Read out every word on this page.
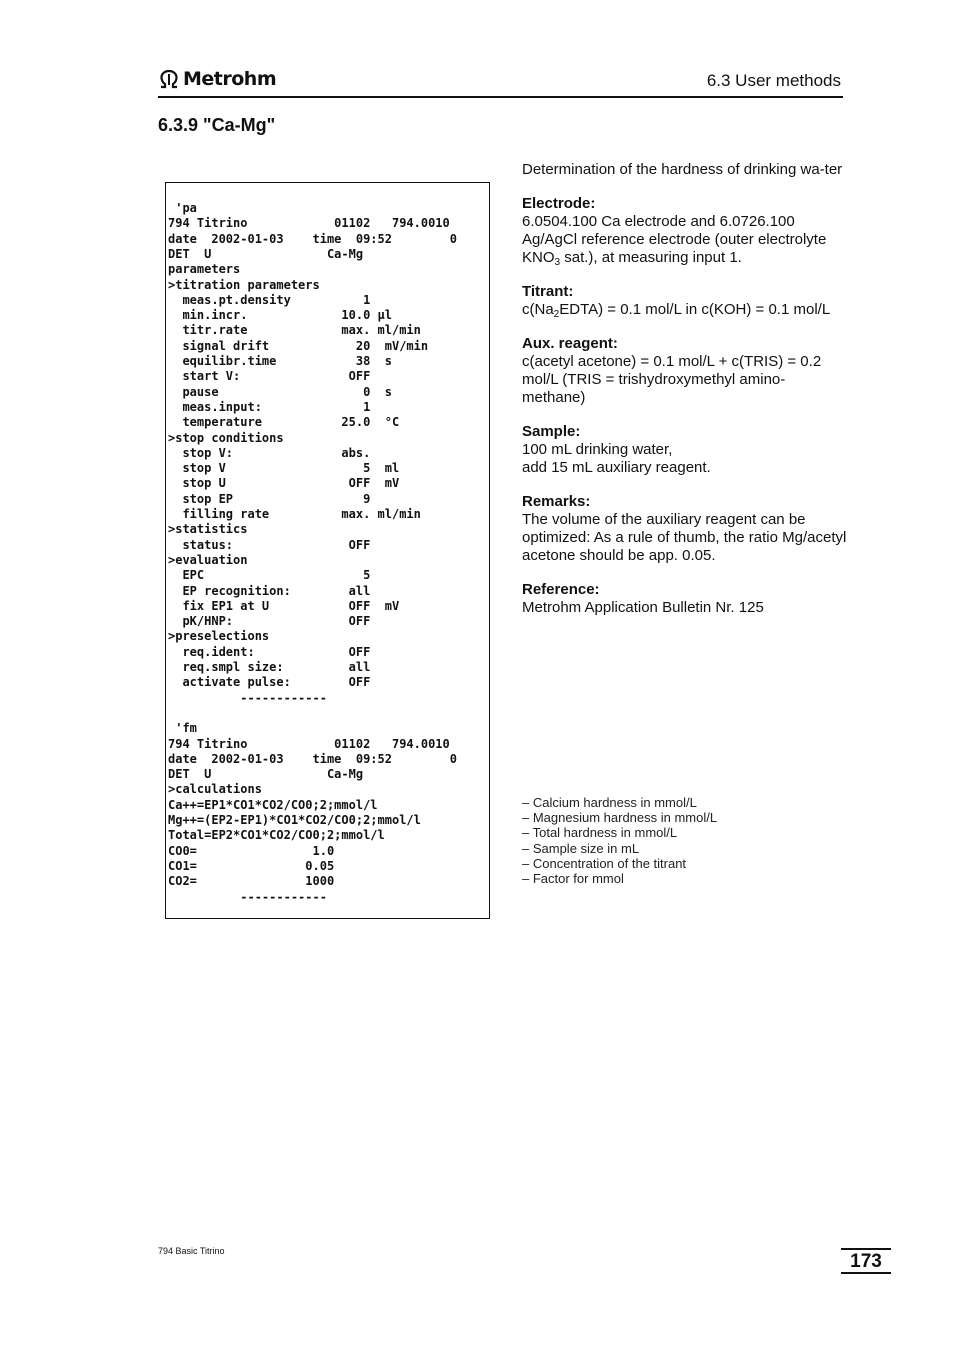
Metrohm	6.3 User methods
6.3.9 "Ca-Mg"
'pa
794 Titrino            01102   794.0010
date  2002-01-03    time  09:52        0
DET  U                Ca-Mg
parameters
>titration parameters
meas.pt.density          1
min.incr.             10.0 µl
titr.rate             max. ml/min
signal drift            20  mV/min
equilibr.time           38  s
start V:               OFF
pause                    0  s
meas.input:              1
temperature           25.0  °C
>stop conditions
stop V:               abs.
stop V                   5  ml
stop U                 OFF  mV
stop EP                  9
filling rate          max. ml/min
>statistics
status:                OFF
>evaluation
EPC                      5
EP recognition:        all
fix EP1 at U           OFF  mV
pK/HNP:                OFF
>preselections
req.ident:             OFF
req.smpl size:         all
activate pulse:        OFF
------------
'fm
794 Titrino            01102   794.0010
date  2002-01-03    time  09:52        0
DET  U                Ca-Mg
>calculations
Ca++=EP1*CO1*CO2/CO0;2;mmol/l
Mg++=(EP2-EP1)*CO1*CO2/CO0;2;mmol/l
Total=EP2*CO1*CO2/CO0;2;mmol/l
CO0=                1.0
CO1=               0.05
CO2=               1000
------------

Determination of the hardness of drinking wa-ter

Electrode:

6.0504.100 Ca electrode and 6.0726.100 Ag/AgCl reference electrode (outer electrolyte $KNO_3$ sat.), at measuring input 1.

Titrant:

$c(Na_2EDTA) = 0.1$ mol/L in c(KOH) = 0.1 mol/L

Aux. reagent:

c(acetyl acetone) = 0.1 mol/L + c(TRIS) = 0.2 mol/L (TRIS = trishydroxymethyl amino-methane)

Sample:

100 mL drinking water,

add 15 mL auxiliary reagent.

Remarks:

The volume of the auxiliary reagent can be optimized: As a rule of thumb, the ratio Mg/acetyl acetone should be app. 0.05.

Reference:

Metrohm Application Bulletin Nr. 125

– Calcium hardness in mmol/L
– Magnesium hardness in mmol/L
– Total hardness in mmol/L
– Sample size in mL
– Concentration of the titrant
– Factor for mmol
794 Basic Titrino	173
